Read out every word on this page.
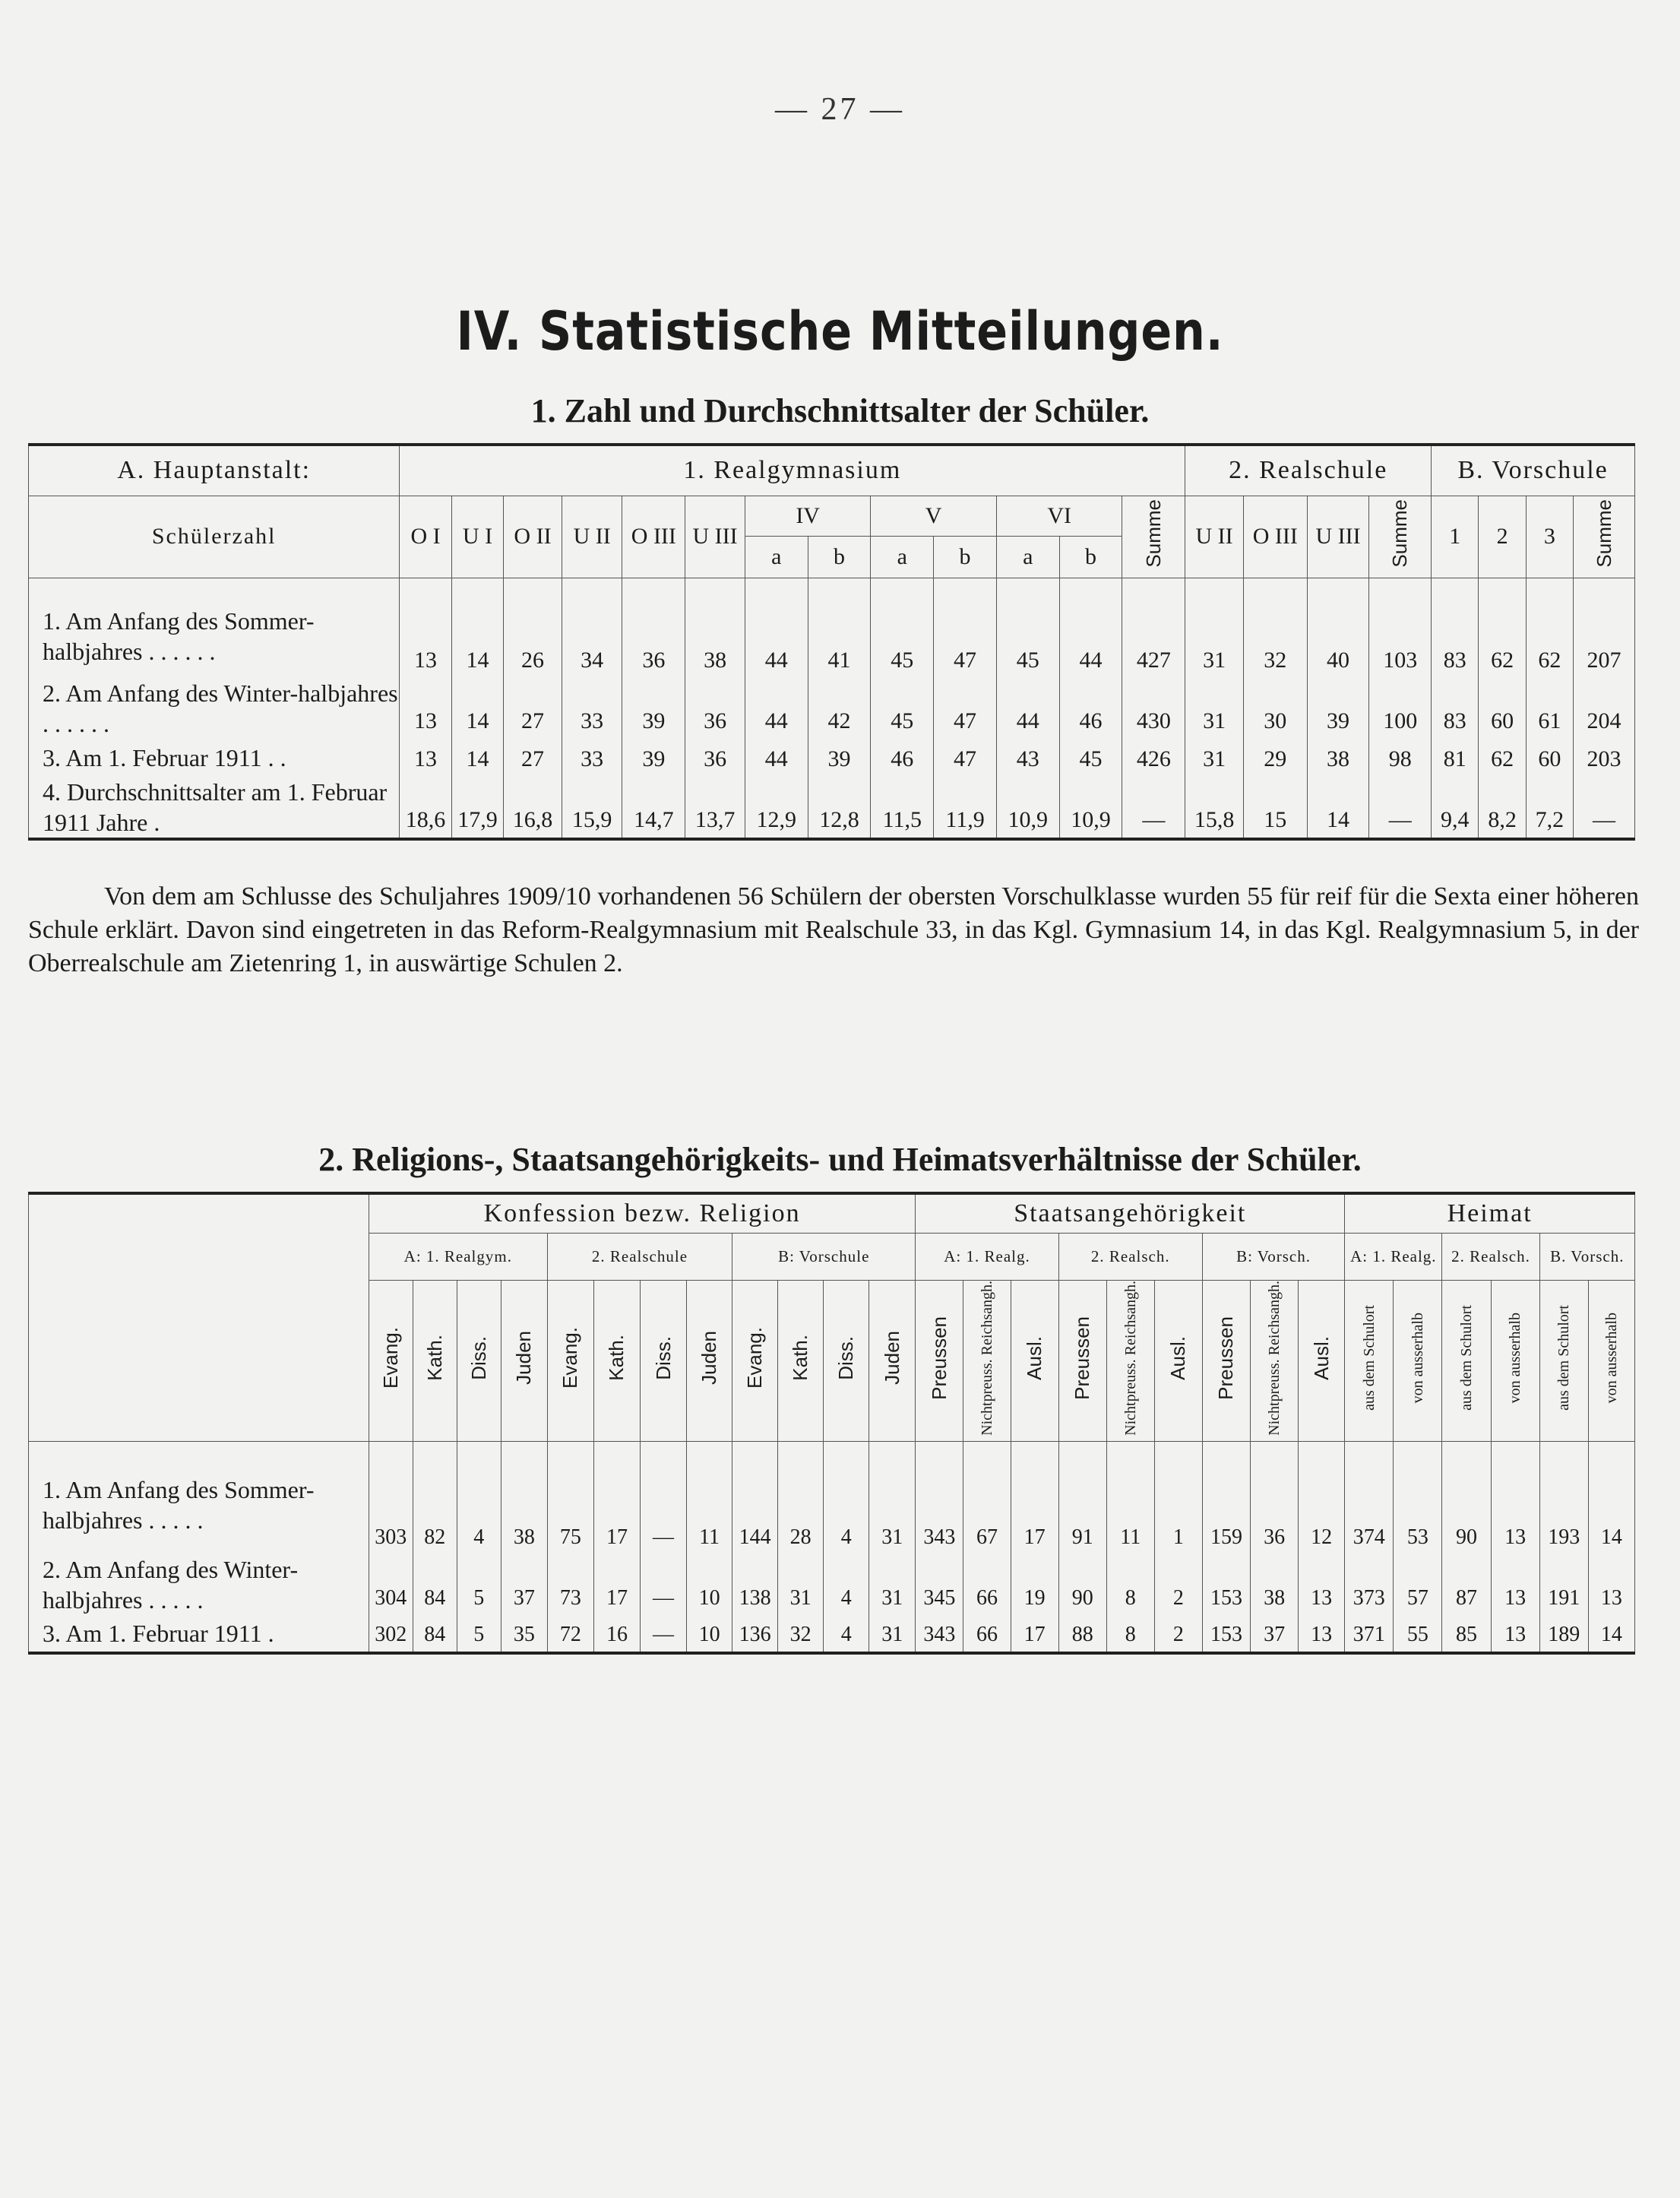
— 27 —
IV. Statistische Mitteilungen.
1. Zahl und Durchschnittsalter der Schüler.
A. Hauptanstalt:	1. Realgymnasium													2. Realschule				B. Vorschule			
Schülerzahl	O I	U I	O II	U II	O III	U III	IV		V		VI		Summe	U II	O III	U III	Summe	1	2	3	Summe
							a	b	a	b	a	b									

1. Am Anfang des Sommer-halbjahres . . . . . .	13	14	26	34	36	38	44	41	45	47	45	44	427	31	32	40	103	83	62	62	207
2. Am Anfang des Winter-halbjahres . . . . . .	13	14	27	33	39	36	44	42	45	47	44	46	430	31	30	39	100	83	60	61	204
3. Am 1. Februar 1911 . .	13	14	27	33	39	36	44	39	46	47	43	45	426	31	29	38	98	81	62	60	203
4. Durchschnittsalter am 1. Februar 1911 Jahre .	18,6	17,9	16,8	15,9	14,7	13,7	12,9	12,8	11,5	11,9	10,9	10,9	—	15,8	15	14	—	9,4	8,2	7,2	—
Von dem am Schlusse des Schuljahres 1909/10 vorhandenen 56 Schülern der obersten Vorschulklasse wurden 55 für reif für die Sexta einer höheren Schule erklärt. Davon sind eingetreten in das Reform-Realgymnasium mit Realschule 33, in das Kgl. Gymnasium 14, in das Kgl. Realgymnasium 5, in der Oberrealschule am Zietenring 1, in auswärtige Schulen 2.
2. Religions-, Staatsangehörigkeits- und Heimatsverhältnisse der Schüler.
	Konfession bezw. Religion												Staatsangehörigkeit									Heimat					
	A: 1. Realgym.				2. Realschule				B: Vorschule				A: 1. Realg.			2. Realsch.			B: Vorsch.			A: 1. Realg.		2. Realsch.		B. Vorsch.	
	Evang.	Kath.	Diss.	Juden	Evang.	Kath.	Diss.	Juden	Evang.	Kath.	Diss.	Juden	Preussen	Nichtpreuss. Reichsangh.	Ausl.	Preussen	Nichtpreuss. Reichsangh.	Ausl.	Preussen	Nichtpreuss. Reichsangh.	Ausl.	aus dem Schulort	von ausserhalb	aus dem Schulort	von ausserhalb	aus dem Schulort	von ausserhalb

1. Am Anfang des Sommer-halbjahres . . . . .	303	82	4	38	75	17	—	11	144	28	4	31	343	67	17	91	11	1	159	36	12	374	53	90	13	193	14
2. Am Anfang des Winter-halbjahres . . . . .	304	84	5	37	73	17	—	10	138	31	4	31	345	66	19	90	8	2	153	38	13	373	57	87	13	191	13
3. Am 1. Februar 1911 .	302	84	5	35	72	16	—	10	136	32	4	31	343	66	17	88	8	2	153	37	13	371	55	85	13	189	14
